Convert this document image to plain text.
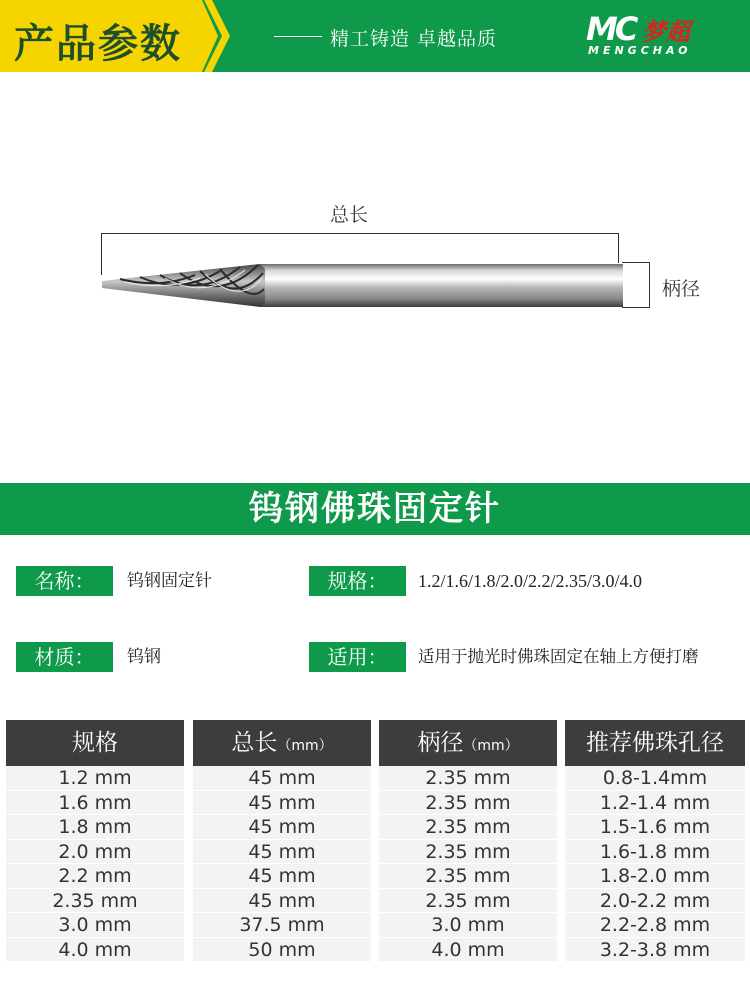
产品参数	精工铸造 卓越品质	MC 梦超
MENGCHAO
总长
柄径
钨钢佛珠固定针
名称：	钨钢固定针	规格：	1.2/1.6/1.8/2.0/2.2/2.35/3.0/4.0
材质：	钨钢	适用：	适用于抛光时佛珠固定在轴上方便打磨
规格	总长（mm）	柄径（mm）	推荐佛珠孔径
1.2 mm	45 mm	2.35 mm	0.8-1.4mm
1.6 mm	45 mm	2.35 mm	1.2-1.4 mm
1.8 mm	45 mm	2.35 mm	1.5-1.6 mm
2.0 mm	45 mm	2.35 mm	1.6-1.8 mm
2.2 mm	45 mm	2.35 mm	1.8-2.0 mm
2.35 mm	45 mm	2.35 mm	2.0-2.2 mm
3.0 mm	37.5 mm	3.0 mm	2.2-2.8 mm
4.0 mm	50 mm	4.0 mm	3.2-3.8 mm
